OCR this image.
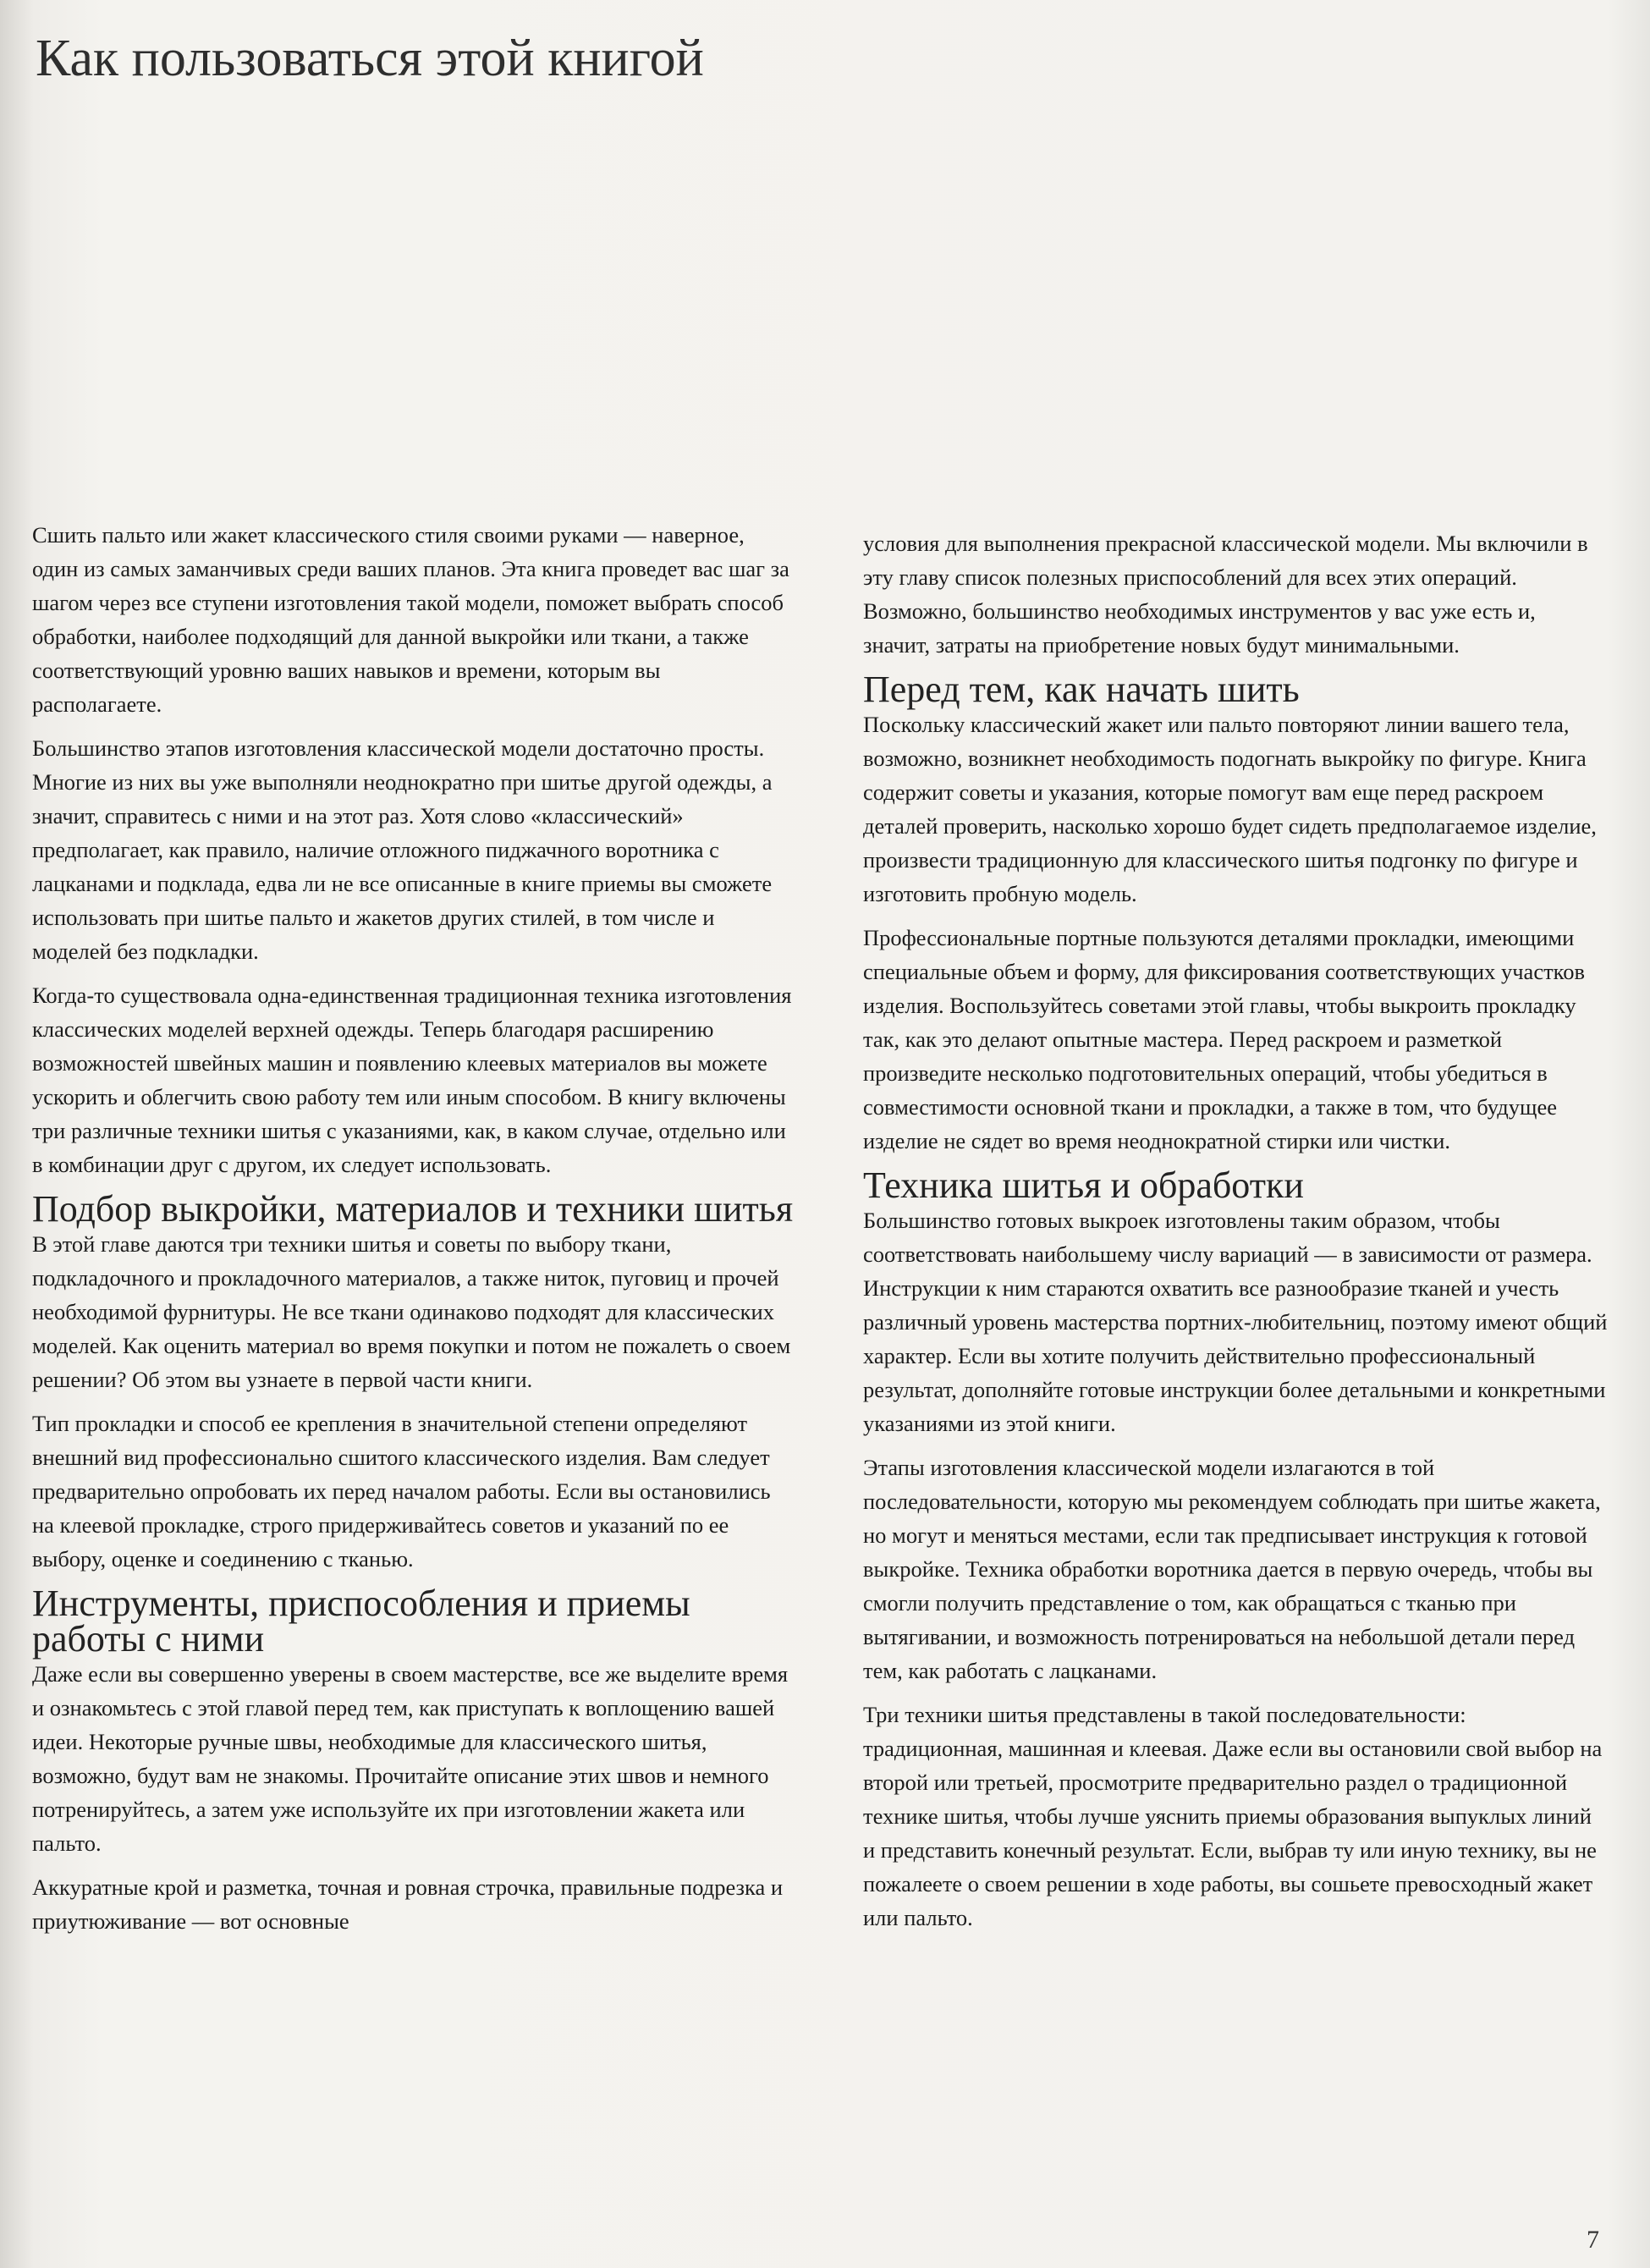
Как пользоваться этой книгой

Сшить пальто или жакет классического стиля своими руками — наверное, один из самых заманчивых среди ваших планов. Эта книга проведет вас шаг за шагом через все ступени изготовления такой модели, поможет выбрать способ обработки, наиболее подходящий для данной выкройки или ткани, а также соответствующий уровню ваших навыков и времени, которым вы располагаете.

Большинство этапов изготовления классической модели достаточно просты. Многие из них вы уже выполняли неоднократно при шитье другой одежды, а значит, справитесь с ними и на этот раз. Хотя слово «классический» предполагает, как правило, наличие отложного пиджачного воротника с лацканами и подклада, едва ли не все описанные в книге приемы вы сможете использовать при шитье пальто и жакетов других стилей, в том числе и моделей без подкладки.

Когда-то существовала одна-единственная традиционная техника изготовления классических моделей верхней одежды. Теперь благодаря расширению возможностей швейных машин и появлению клеевых материалов вы можете ускорить и облегчить свою работу тем или иным способом. В книгу включены три различные техники шитья с указаниями, как, в каком случае, отдельно или в комбинации друг с другом, их следует использовать.

Подбор выкройки, материалов и техники шитья

В этой главе даются три техники шитья и советы по выбору ткани, подкладочного и прокладочного материалов, а также ниток, пуговиц и прочей необходимой фурнитуры. Не все ткани одинаково подходят для классических моделей. Как оценить материал во время покупки и потом не пожалеть о своем решении? Об этом вы узнаете в первой части книги.

Тип прокладки и способ ее крепления в значительной степени определяют внешний вид профессионально сшитого классического изделия. Вам следует предварительно опробовать их перед началом работы. Если вы остановились на клеевой прокладке, строго придерживайтесь советов и указаний по ее выбору, оценке и соединению с тканью.

Инструменты, приспособления и приемы работы с ними

Даже если вы совершенно уверены в своем мастерстве, все же выделите время и ознакомьтесь с этой главой перед тем, как приступать к воплощению вашей идеи. Некоторые ручные швы, необходимые для классического шитья, возможно, будут вам не знакомы. Прочитайте описание этих швов и немного потренируйтесь, а затем уже используйте их при изготовлении жакета или пальто.

Аккуратные крой и разметка, точная и ровная строчка, правильные подрезка и приутюживание — вот основные

условия для выполнения прекрасной классической модели. Мы включили в эту главу список полезных приспособлений для всех этих операций. Возможно, большинство необходимых инструментов у вас уже есть и, значит, затраты на приобретение новых будут минимальными.

Перед тем, как начать шить

Поскольку классический жакет или пальто повторяют линии вашего тела, возможно, возникнет необходимость подогнать выкройку по фигуре. Книга содержит советы и указания, которые помогут вам еще перед раскроем деталей проверить, насколько хорошо будет сидеть предполагаемое изделие, произвести традиционную для классического шитья подгонку по фигуре и изготовить пробную модель.

Профессиональные портные пользуются деталями прокладки, имеющими специальные объем и форму, для фиксирования соответствующих участков изделия. Воспользуйтесь советами этой главы, чтобы выкроить прокладку так, как это делают опытные мастера. Перед раскроем и разметкой произведите несколько подготовительных операций, чтобы убедиться в совместимости основной ткани и прокладки, а также в том, что будущее изделие не сядет во время неоднократной стирки или чистки.

Техника шитья и обработки

Большинство готовых выкроек изготовлены таким образом, чтобы соответствовать наибольшему числу вариаций — в зависимости от размера. Инструкции к ним стараются охватить все разнообразие тканей и учесть различный уровень мастерства портних-любительниц, поэтому имеют общий характер. Если вы хотите получить действительно профессиональный результат, дополняйте готовые инструкции более детальными и конкретными указаниями из этой книги.

Этапы изготовления классической модели излагаются в той последовательности, которую мы рекомендуем соблюдать при шитье жакета, но могут и меняться местами, если так предписывает инструкция к готовой выкройке. Техника обработки воротника дается в первую очередь, чтобы вы смогли получить представление о том, как обращаться с тканью при вытягивании, и возможность потренироваться на небольшой детали перед тем, как работать с лацканами.

Три техники шитья представлены в такой последовательности: традиционная, машинная и клеевая. Даже если вы остановили свой выбор на второй или третьей, просмотрите предварительно раздел о традиционной технике шитья, чтобы лучше уяснить приемы образования выпуклых линий и представить конечный результат. Если, выбрав ту или иную технику, вы не пожалеете о своем решении в ходе работы, вы сошьете превосходный жакет или пальто.

7
